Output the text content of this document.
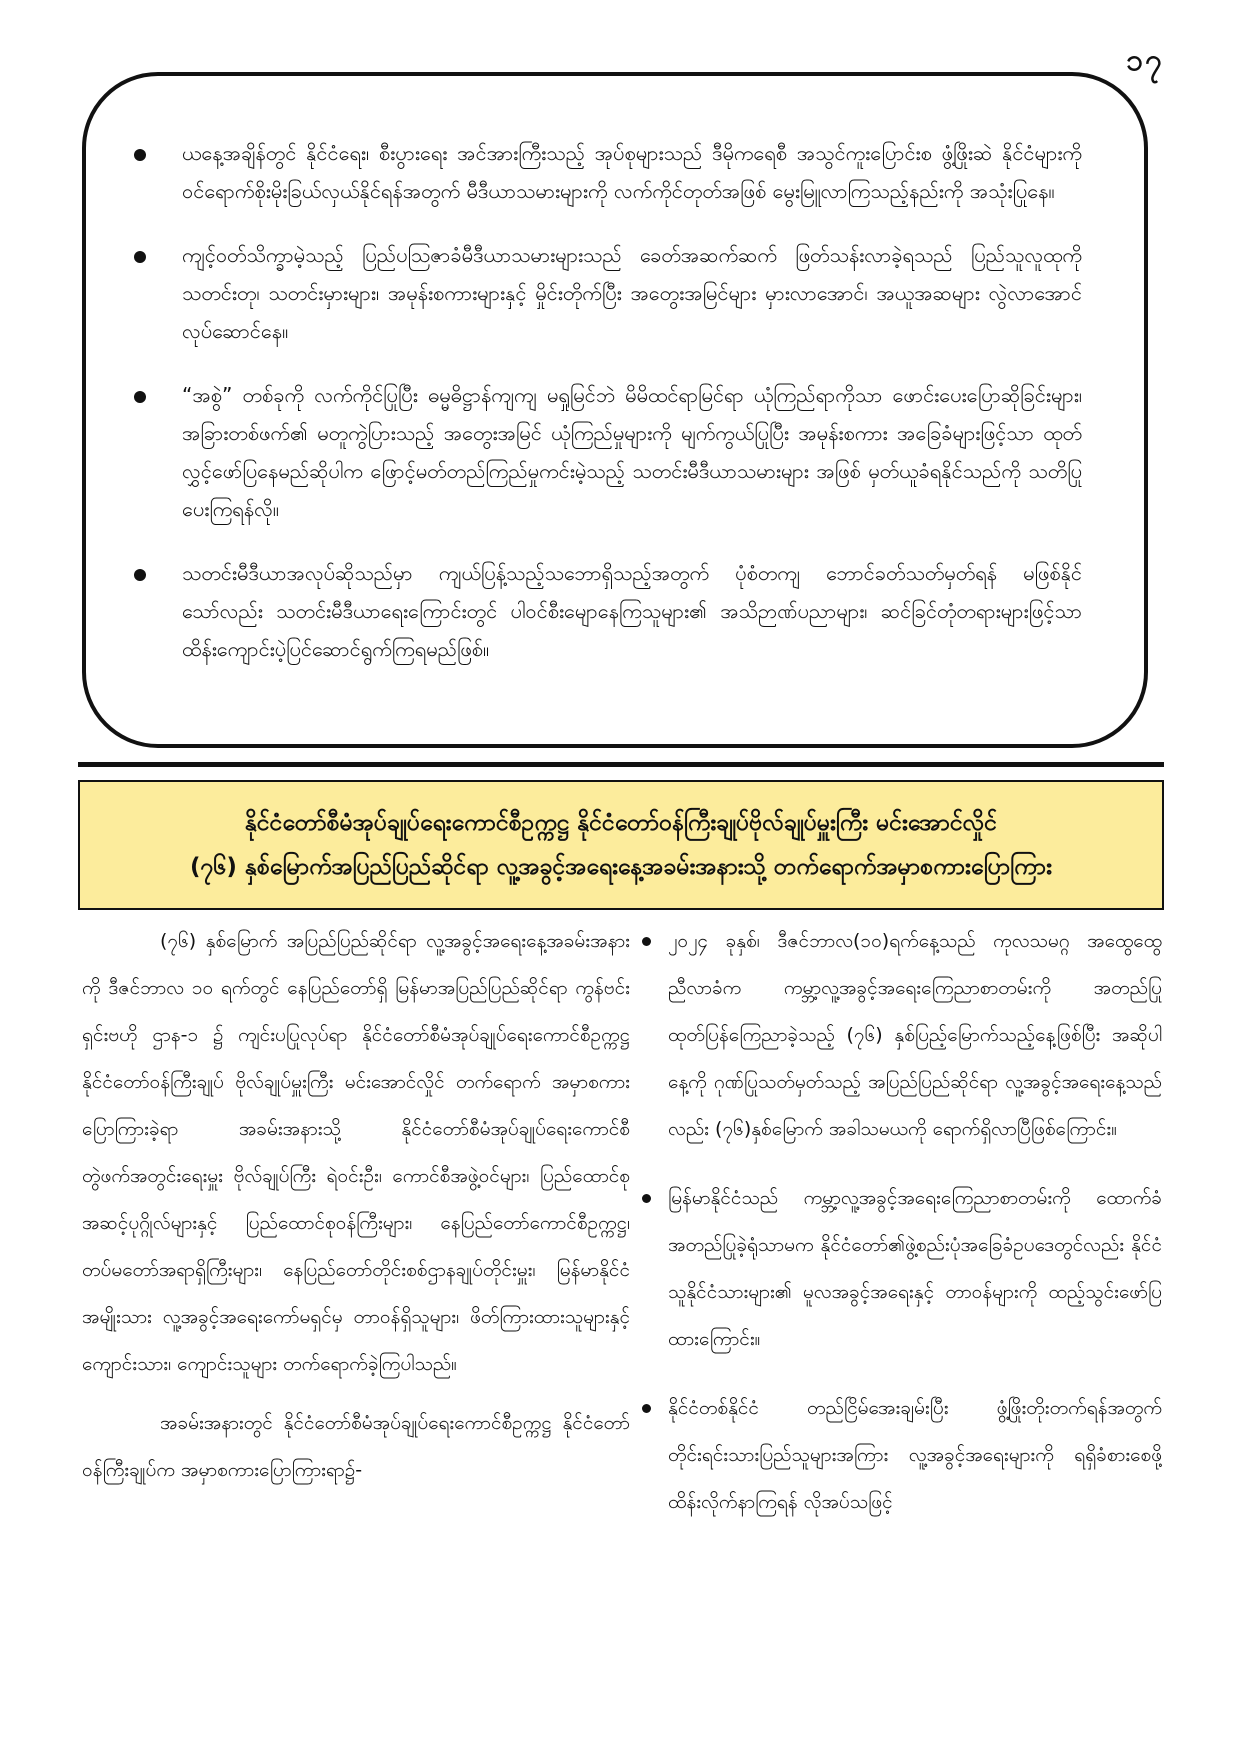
၁၇
ယနေ့အချိန်တွင် နိုင်ငံရေး၊ စီးပွားရေး အင်အားကြီးသည့် အုပ်စုများသည် ဒီမိုကရေစီ အသွင်ကူးပြောင်းစ ဖွံ့ဖြိုးဆဲ နိုင်ငံများကို ဝင်ရောက်စိုးမိုးခြယ်လှယ်နိုင်ရန်အတွက် မီဒီယာသမားများကို လက်ကိုင်တုတ်အဖြစ် မွေးမြူလာကြသည့်နည်းကို အသုံးပြုနေ။
ကျင့်ဝတ်သိက္ခာမဲ့သည့် ပြည်ပဩဇာခံမီဒီယာသမားများသည် ခေတ်အဆက်ဆက် ဖြတ်သန်းလာခဲ့ရသည် ပြည်သူလူထုကို သတင်းတု၊ သတင်းမှားများ၊ အမုန်းစကားများနှင့် မှိုင်းတိုက်ပြီး အတွေးအမြင်များ မှားလာအောင်၊ အယူအဆများ လွဲလာအောင် လုပ်ဆောင်နေ။
“အစွဲ” တစ်ခုကို လက်ကိုင်ပြုပြီး ဓမ္မဓိဋ္ဌာန်ကျကျ မရှုမြင်ဘဲ မိမိထင်ရာမြင်ရာ ယုံကြည်ရာကိုသာ ဖောင်းပေးပြောဆိုခြင်းများ၊ အခြားတစ်ဖက်၏ မတူကွဲပြားသည့် အတွေးအမြင် ယုံကြည်မှုများကို မျက်ကွယ်ပြုပြီး အမုန်းစကား အခြေခံများဖြင့်သာ ထုတ်လွှင့်ဖော်ပြနေမည်ဆိုပါက ဖြောင့်မတ်တည်ကြည်မှုကင်းမဲ့သည့် သတင်းမီဒီယာသမားများ အဖြစ် မှတ်ယူခံရနိုင်သည်ကို သတိပြုပေးကြရန်လို။
သတင်းမီဒီယာအလုပ်ဆိုသည်မှာ ကျယ်ပြန့်သည့်သဘောရှိသည့်အတွက် ပုံစံတကျ ဘောင်ခတ်သတ်မှတ်ရန် မဖြစ်နိုင်သော်လည်း သတင်းမီဒီယာရေးကြောင်းတွင် ပါဝင်စီးမျောနေကြသူများ၏ အသိဉာဏ်ပညာများ၊ ဆင်ခြင်တုံတရားများဖြင့်သာ ထိန်းကျောင်းပဲ့ပြင်ဆောင်ရွက်ကြရမည်ဖြစ်။
နိုင်ငံတော်စီမံအုပ်ချုပ်ရေးကောင်စီဥက္ကဋ္ဌ နိုင်ငံတော်ဝန်ကြီးချုပ်ဗိုလ်ချုပ်မှူးကြီး မင်းအောင်လှိုင်
(၇၆) နှစ်မြောက်အပြည်ပြည်ဆိုင်ရာ လူ့အခွင့်အရေးနေ့အခမ်းအနားသို့ တက်ရောက်အမှာစကားပြောကြား

(၇၆) နှစ်မြောက် အပြည်ပြည်ဆိုင်ရာ လူ့အခွင့်အရေးနေ့အခမ်းအနားကို ဒီဇင်ဘာလ ၁၀ ရက်တွင် နေပြည်တော်ရှိ မြန်မာအပြည်ပြည်ဆိုင်ရာ ကွန်ဗင်းရှင်းဗဟို ဌာန-၁ ၌ ကျင်းပပြုလုပ်ရာ နိုင်ငံတော်စီမံအုပ်ချုပ်ရေးကောင်စီဥက္ကဋ္ဌ နိုင်ငံတော်ဝန်ကြီးချုပ် ဗိုလ်ချုပ်မှူးကြီး မင်းအောင်လှိုင် တက်ရောက် အမှာစကား ပြောကြားခဲ့ရာ အခမ်းအနားသို့ နိုင်ငံတော်စီမံအုပ်ချုပ်ရေးကောင်စီ တွဲဖက်အတွင်းရေးမှူး ဗိုလ်ချုပ်ကြီး ရဲဝင်းဦး၊ ကောင်စီအဖွဲ့ဝင်များ၊ ပြည်ထောင်စုအဆင့်ပုဂ္ဂိုလ်များနှင့် ပြည်ထောင်စုဝန်ကြီးများ၊ နေပြည်တော်ကောင်စီဥက္ကဋ္ဌ၊ တပ်မတော်အရာရှိကြီးများ၊ နေပြည်တော်တိုင်းစစ်ဌာနချုပ်တိုင်းမှူး၊ မြန်မာနိုင်ငံအမျိုးသား လူ့အခွင့်အရေးကော်မရှင်မှ တာဝန်ရှိသူများ၊ ဖိတ်ကြားထားသူများနှင့် ကျောင်းသား၊ ကျောင်းသူများ တက်ရောက်ခဲ့ကြပါသည်။

အခမ်းအနားတွင် နိုင်ငံတော်စီမံအုပ်ချုပ်ရေးကောင်စီဥက္ကဋ္ဌ နိုင်ငံတော်ဝန်ကြီးချုပ်က အမှာစကားပြောကြားရာ၌-

၂၀၂၄ ခုနှစ်၊ ဒီဇင်ဘာလ(၁၀)ရက်နေ့သည် ကုလသမဂ္ဂ အထွေထွေညီလာခံက ကမ္ဘာ့လူ့အခွင့်အရေးကြေညာစာတမ်းကို အတည်ပြုထုတ်ပြန်ကြေညာခဲ့သည့် (၇၆) နှစ်ပြည့်မြောက်သည့်နေ့ဖြစ်ပြီး အဆိုပါနေ့ကို ဂုဏ်ပြုသတ်မှတ်သည့် အပြည်ပြည်ဆိုင်ရာ လူ့အခွင့်အရေးနေ့သည်လည်း (၇၆)နှစ်မြောက် အခါသမယကို ရောက်ရှိလာပြီဖြစ်ကြောင်း။
မြန်မာနိုင်ငံသည် ကမ္ဘာ့လူ့အခွင့်အရေးကြေညာစာတမ်းကို ထောက်ခံအတည်ပြုခဲ့ရုံသာမက နိုင်ငံတော်၏ဖွဲ့စည်းပုံအခြေခံဥပဒေတွင်လည်း နိုင်ငံသူနိုင်ငံသားများ၏ မူလအခွင့်အရေးနှင့် တာဝန်များကို ထည့်သွင်းဖော်ပြထားကြောင်း။
နိုင်ငံတစ်နိုင်ငံ တည်ငြိမ်အေးချမ်းပြီး ဖွံ့ဖြိုးတိုးတက်ရန်အတွက် တိုင်းရင်းသားပြည်သူများအကြား လူ့အခွင့်အရေးများကို ရရှိခံစားစေဖို့ထိန်းလိုက်နာကြရန် လိုအပ်သဖြင့်
